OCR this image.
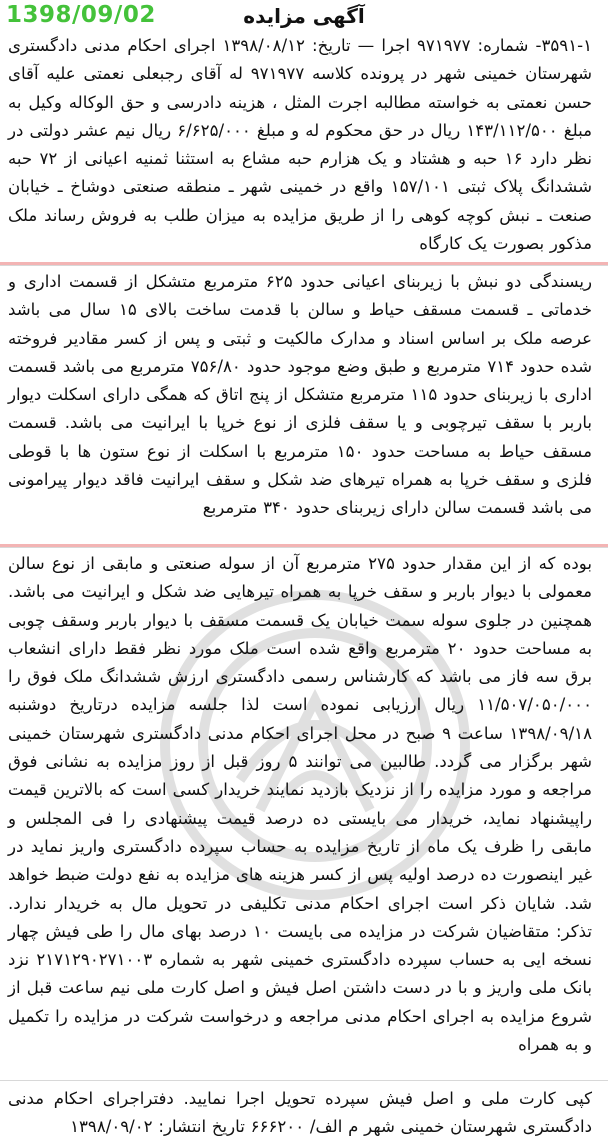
1398/09/02	آگهی مزایده
۳۵۹۱-۱- شماره: ۹۷۱۹۷۷ اجرا — تاریخ: ۱۳۹۸/۰۸/۱۲ اجرای احکام مدنی دادگستری شهرستان خمینی شهر در پرونده کلاسه ۹۷۱۹۷۷ له آقای رجبعلی نعمتی علیه آقای حسن نعمتی به خواسته مطالبه اجرت المثل ، هزینه دادرسی و حق الوکاله وکیل به مبلغ ۱۴۳/۱۱۲/۵۰۰ ریال در حق محکوم له و مبلغ ۶/۶۲۵/۰۰۰ ریال نیم عشر دولتی در نظر دارد ۱۶ حبه و هشتاد و یک هزارم حبه مشاع به استثنا ثمنیه اعیانی از ۷۲ حبه ششدانگ پلاک ثبتی ۱۵۷/۱۰۱ واقع در خمینی شهر ـ منطقه صنعتی دوشاخ ـ خیابان صنعت ـ نبش کوچه کوهی را از طریق مزایده به میزان طلب به فروش رساند ملک مذکور بصورت یک کارگاه
ریسندگی دو نبش با زیربنای اعیانی حدود ۶۲۵ مترمربع متشکل از قسمت اداری و خدماتی ـ قسمت مسقف حیاط و سالن با قدمت ساخت بالای ۱۵ سال می باشد عرصه ملک بر اساس اسناد و مدارک مالکیت و ثبتی و پس از کسر مقادیر فروخته شده حدود ۷۱۴ مترمربع و طبق وضع موجود حدود ۷۵۶/۸۰ مترمربع می باشد قسمت اداری با زیربنای حدود ۱۱۵ مترمربع متشکل از پنج اتاق که همگی دارای اسکلت دیوار باربر با سقف تیرچوبی و یا سقف فلزی از نوع خرپا با ایرانیت می باشد. قسمت مسقف حیاط به مساحت حدود ۱۵۰ مترمربع با اسکلت از نوع ستون ها با قوطی فلزی و سقف خرپا به همراه تیرهای ضد شکل و سقف ایرانیت فاقد دیوار پیرامونی می باشد قسمت سالن دارای زیربنای حدود ۳۴۰ مترمربع
بوده که از این مقدار حدود ۲۷۵ مترمربع آن از سوله صنعتی و مابقی از نوع سالن معمولی با دیوار باربر و سقف خرپا به همراه تیرهایی ضد شکل و ایرانیت می باشد. همچنین در جلوی سوله سمت خیابان یک قسمت مسقف با دیوار باربر وسقف چوبی به مساحت حدود ۲۰ مترمربع واقع شده است ملک مورد نظر فقط دارای انشعاب برق سه فاز می باشد که کارشناس رسمی دادگستری ارزش ششدانگ ملک فوق را ۱۱/۵۰۷/۰۵۰/۰۰۰ ریال ارزیابی نموده است لذا جلسه مزایده درتاریخ دوشنبه ۱۳۹۸/۰۹/۱۸ ساعت ۹ صبح در محل اجرای احکام مدنی دادگستری شهرستان خمینی شهر برگزار می گردد. طالبین می توانند ۵ روز قبل از روز مزایده به نشانی فوق مراجعه و مورد مزایده را از نزدیک بازدید نمایند خریدار کسی است که بالاترین قیمت راپیشنهاد نماید، خریدار می بایستی ده درصد قیمت پیشنهادی را فی المجلس و مابقی را ظرف یک ماه از تاریخ مزایده به حساب سپرده دادگستری واریز نماید در غیر اینصورت ده درصد اولیه پس از کسر هزینه های مزایده به نفع دولت ضبط خواهد شد. شایان ذکر است اجرای احکام مدنی تکلیفی در تحویل مال به خریدار ندارد. تذکر: متقاضیان شرکت در مزایده می بایست ۱۰ درصد بهای مال را طی فیش چهار نسخه ایی به حساب سپرده دادگستری خمینی شهر به شماره ۲۱۷۱۲۹۰۲۷۱۰۰۳ نزد بانک ملی واریز و با در دست داشتن اصل فیش و اصل کارت ملی نیم ساعت قبل از شروع مزایده به اجرای احکام مدنی مراجعه و درخواست شرکت در مزایده را تکمیل و به همراه
کپی کارت ملی و اصل فیش سپرده تحویل اجرا نمایید. دفتراجرای احکام مدنی دادگستری شهرستان خمینی شهر م الف/ ۶۶۶۲۰۰ تاریخ انتشار: ۱۳۹۸/۰۹/۰۲
